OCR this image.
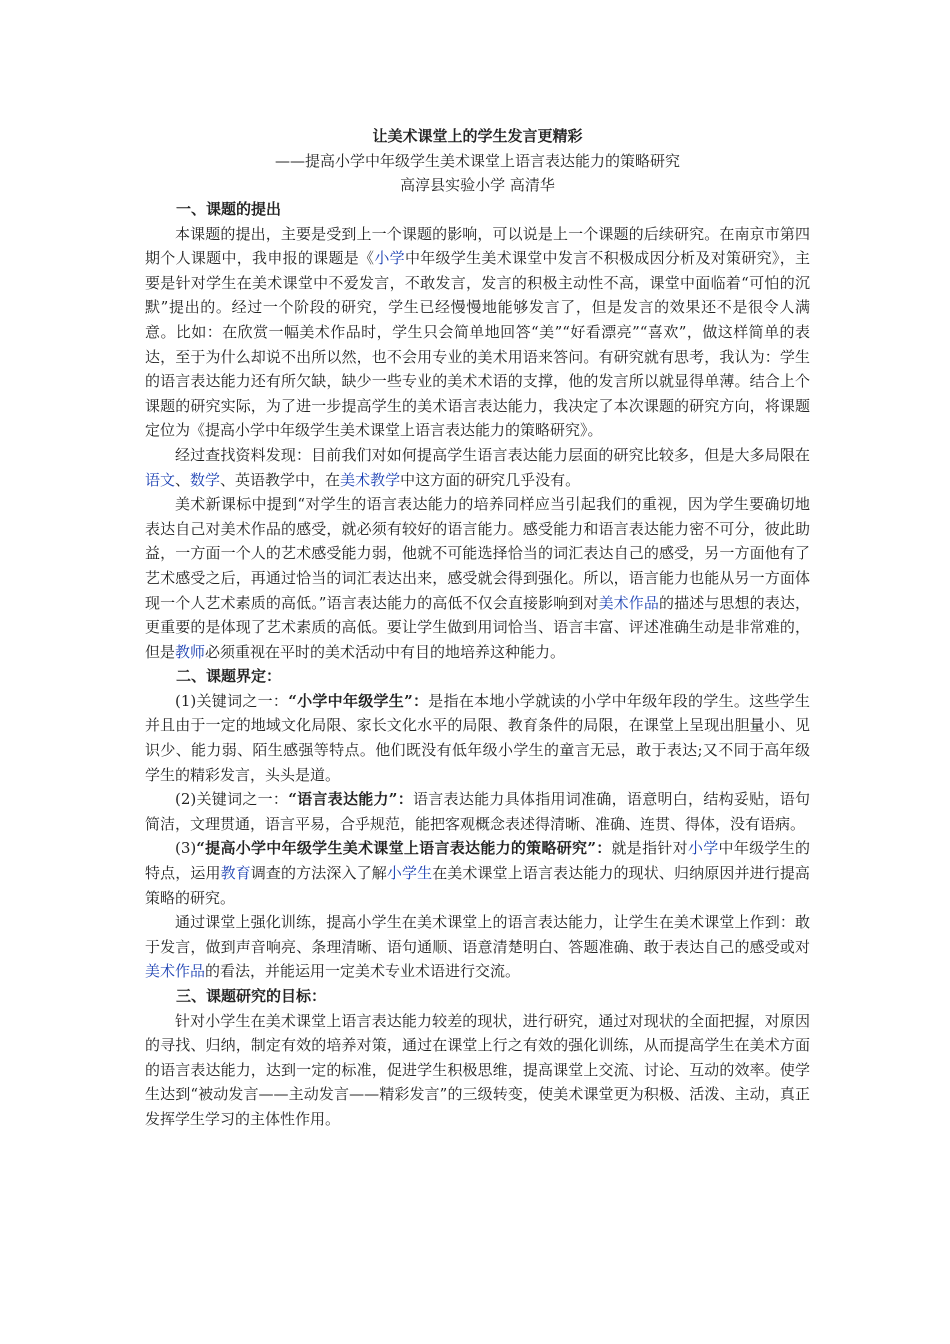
让美术课堂上的学生发言更精彩
——提高小学中年级学生美术课堂上语言表达能力的策略研究
高淳县实验小学 高清华
一、课题的提出

本课题的提出，主要是受到上一个课题的影响，可以说是上一个课题的后续研究。在南京市第四期个人课题中，我申报的课题是《小学中年级学生美术课堂中发言不积极成因分析及对策研究》，主要是针对学生在美术课堂中不爱发言，不敢发言，发言的积极主动性不高，课堂中面临着“可怕的沉默”提出的。经过一个阶段的研究，学生已经慢慢地能够发言了，但是发言的效果还不是很令人满意。比如：在欣赏一幅美术作品时，学生只会简单地回答“美”“好看漂亮”“喜欢”，做这样简单的表达，至于为什么却说不出所以然，也不会用专业的美术用语来答问。有研究就有思考，我认为：学生的语言表达能力还有所欠缺，缺少一些专业的美术术语的支撑，他的发言所以就显得单薄。结合上个课题的研究实际，为了进一步提高学生的美术语言表达能力，我决定了本次课题的研究方向，将课题定位为《提高小学中年级学生美术课堂上语言表达能力的策略研究》。

经过查找资料发现：目前我们对如何提高学生语言表达能力层面的研究比较多，但是大多局限在语文、数学、英语教学中，在美术教学中这方面的研究几乎没有。

美术新课标中提到“对学生的语言表达能力的培养同样应当引起我们的重视，因为学生要确切地表达自己对美术作品的感受，就必须有较好的语言能力。感受能力和语言表达能力密不可分，彼此助益，一方面一个人的艺术感受能力弱，他就不可能选择恰当的词汇表达自己的感受，另一方面他有了艺术感受之后，再通过恰当的词汇表达出来，感受就会得到强化。所以，语言能力也能从另一方面体现一个人艺术素质的高低。”语言表达能力的高低不仅会直接影响到对美术作品的描述与思想的表达，更重要的是体现了艺术素质的高低。要让学生做到用词恰当、语言丰富、评述准确生动是非常难的，但是教师必须重视在平时的美术活动中有目的地培养这种能力。

二、课题界定：

(1)关键词之一：“小学中年级学生”：是指在本地小学就读的小学中年级年段的学生。这些学生并且由于一定的地域文化局限、家长文化水平的局限、教育条件的局限，在课堂上呈现出胆量小、见识少、能力弱、陌生感强等特点。他们既没有低年级小学生的童言无忌，敢于表达;又不同于高年级学生的精彩发言，头头是道。

(2)关键词之一：“语言表达能力”：语言表达能力具体指用词准确，语意明白，结构妥贴，语句简洁，文理贯通，语言平易，合乎规范，能把客观概念表述得清晰、准确、连贯、得体，没有语病。

(3)“提高小学中年级学生美术课堂上语言表达能力的策略研究”：就是指针对小学中年级学生的特点，运用教育调查的方法深入了解小学生在美术课堂上语言表达能力的现状、归纳原因并进行提高策略的研究。

通过课堂上强化训练，提高小学生在美术课堂上的语言表达能力，让学生在美术课堂上作到：敢于发言，做到声音响亮、条理清晰、语句通顺、语意清楚明白、答题准确、敢于表达自己的感受或对美术作品的看法，并能运用一定美术专业术语进行交流。

三、课题研究的目标：

针对小学生在美术课堂上语言表达能力较差的现状，进行研究，通过对现状的全面把握，对原因的寻找、归纳，制定有效的培养对策，通过在课堂上行之有效的强化训练，从而提高学生在美术方面的语言表达能力，达到一定的标准，促进学生积极思维，提高课堂上交流、讨论、互动的效率。使学生达到“被动发言——主动发言——精彩发言”的三级转变，使美术课堂更为积极、活泼、主动，真正发挥学生学习的主体性作用。
